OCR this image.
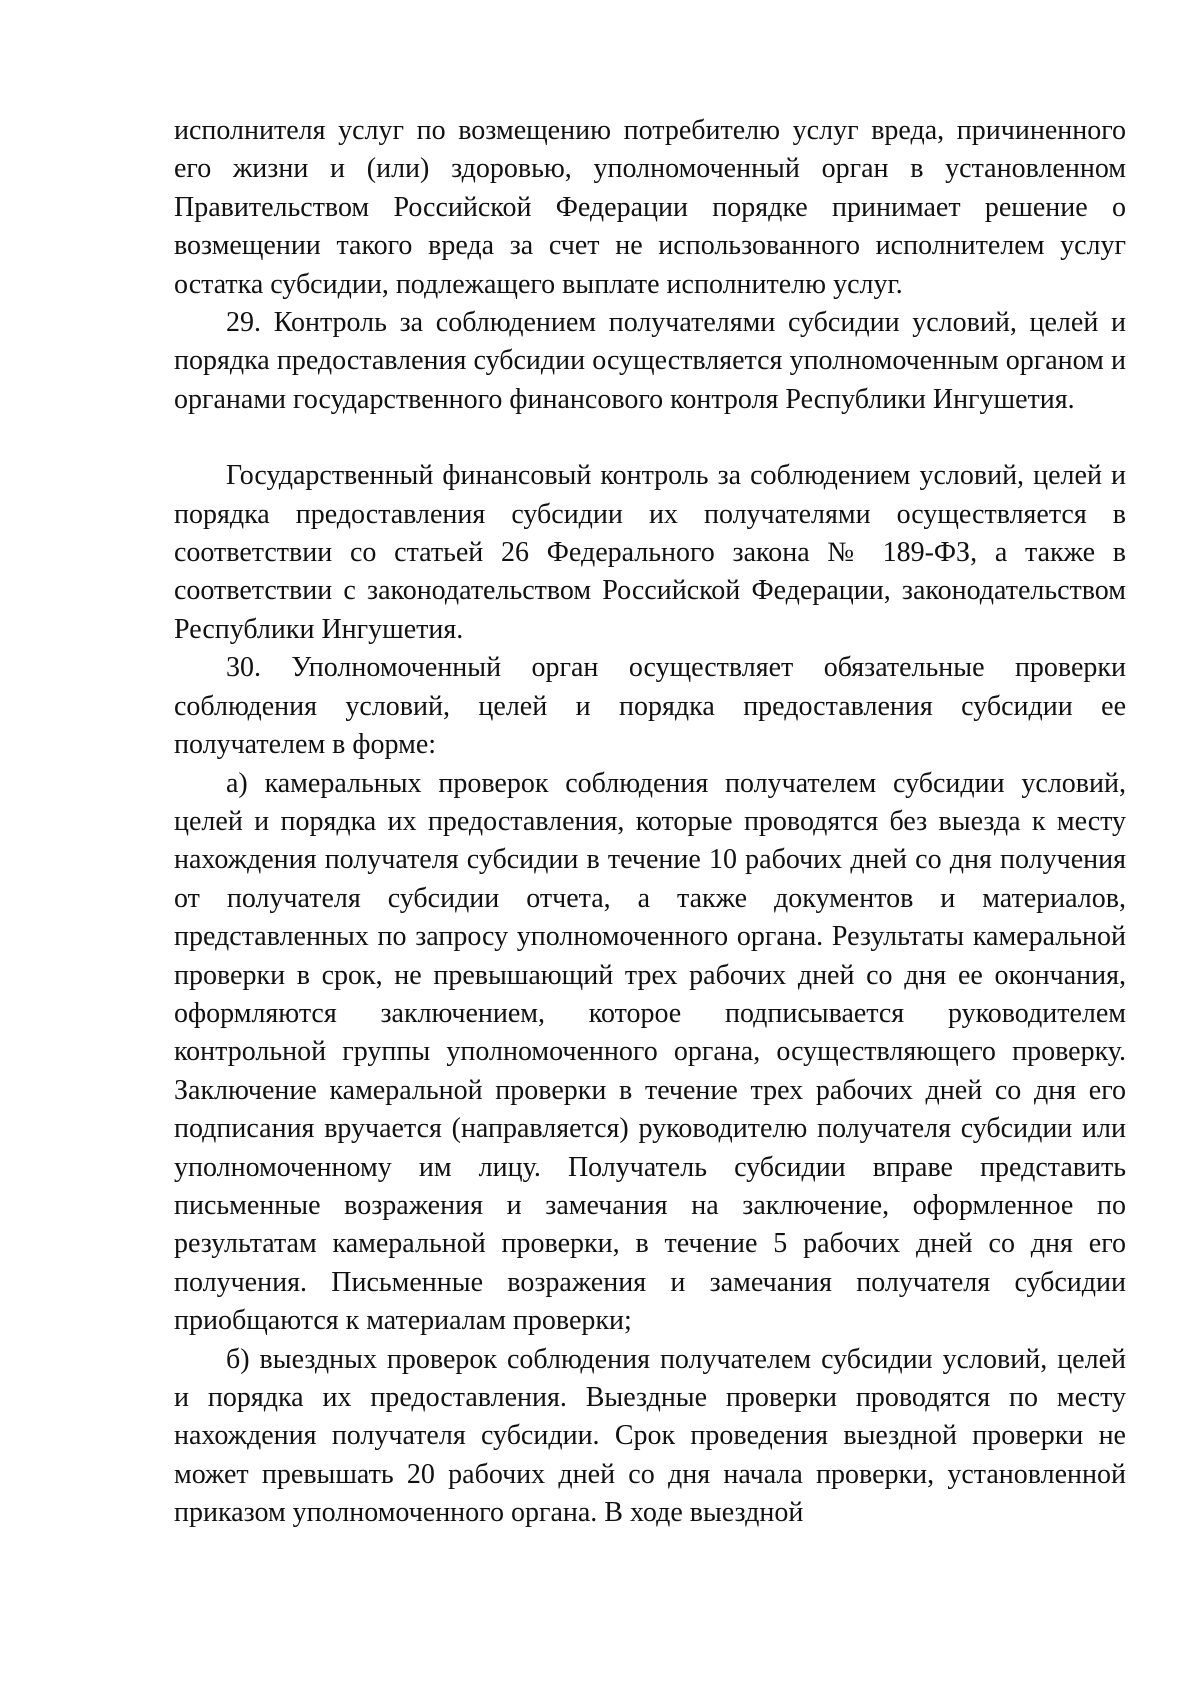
исполнителя услуг по возмещению потребителю услуг вреда, причиненного его жизни и (или) здоровью, уполномоченный орган в установленном Правительством Российской Федерации порядке принимает решение о возмещении такого вреда за счет не использованного исполнителем услуг остатка субсидии, подлежащего выплате исполнителю услуг.

29. Контроль за соблюдением получателями субсидии условий, целей и порядка предоставления субсидии осуществляется уполномоченным органом и органами государственного финансового контроля Республики Ингушетия.

Государственный финансовый контроль за соблюдением условий, целей и порядка предоставления субсидии их получателями осуществляется в соответствии со статьей 26 Федерального закона № 189-ФЗ, а также в соответствии с законодательством Российской Федерации, законодательством Республики Ингушетия.

30. Уполномоченный орган осуществляет обязательные проверки соблюдения условий, целей и порядка предоставления субсидии ее получателем в форме:

а) камеральных проверок соблюдения получателем субсидии условий, целей и порядка их предоставления, которые проводятся без выезда к месту нахождения получателя субсидии в течение 10 рабочих дней со дня получения от получателя субсидии отчета, а также документов и материалов, представленных по запросу уполномоченного органа. Результаты камеральной проверки в срок, не превышающий трех рабочих дней со дня ее окончания, оформляются заключением, которое подписывается руководителем контрольной группы уполномоченного органа, осуществляющего проверку. Заключение камеральной проверки в течение трех рабочих дней со дня его подписания вручается (направляется) руководителю получателя субсидии или уполномоченному им лицу. Получатель субсидии вправе представить письменные возражения и замечания на заключение, оформленное по результатам камеральной проверки, в течение 5 рабочих дней со дня его получения. Письменные возражения и замечания получателя субсидии приобщаются к материалам проверки;

б) выездных проверок соблюдения получателем субсидии условий, целей и порядка их предоставления. Выездные проверки проводятся по месту нахождения получателя субсидии. Срок проведения выездной проверки не может превышать 20 рабочих дней со дня начала проверки, установленной приказом уполномоченного органа. В ходе выездной
